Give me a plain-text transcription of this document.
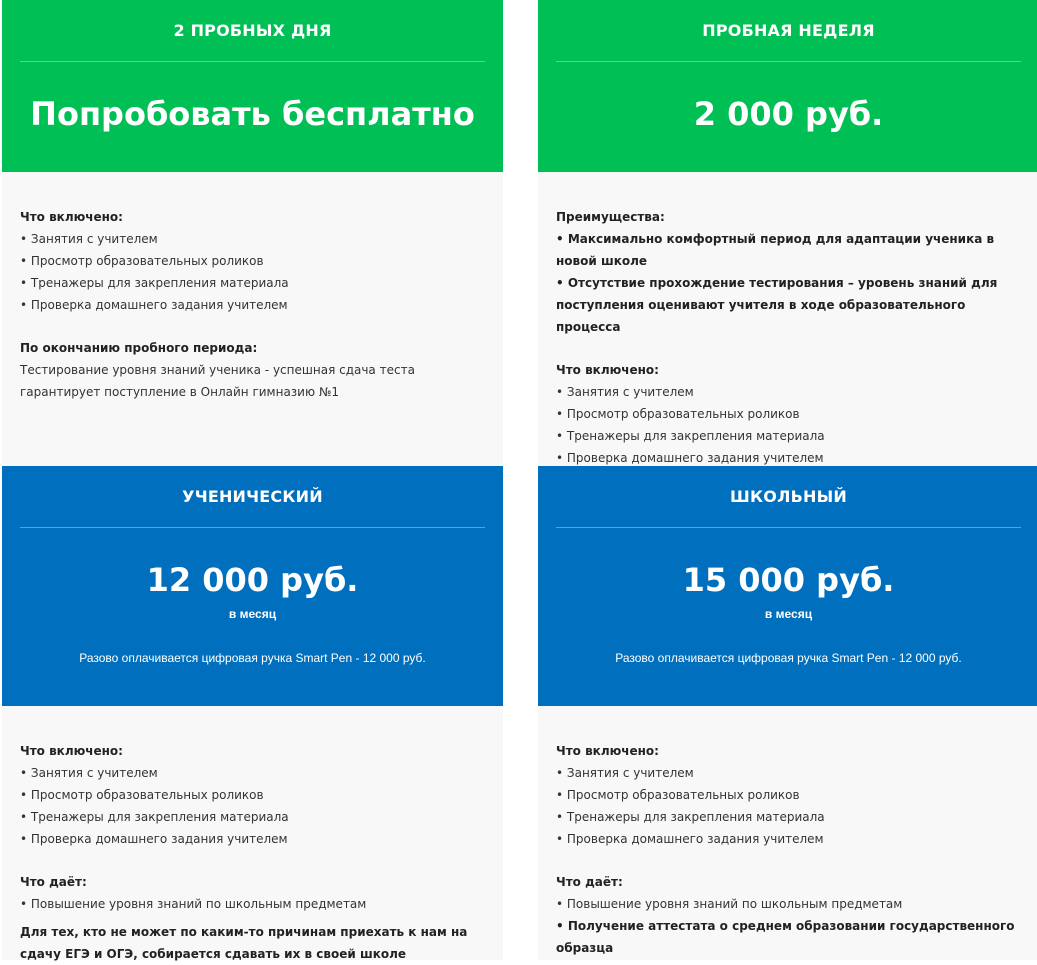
2 ПРОБНЫХ ДНЯ
Попробовать бесплатно
Что включено:
• Занятия с учителем
• Просмотр образовательных роликов
• Тренажеры для закрепления материала
• Проверка домашнего задания учителем
По окончанию пробного периода:
Тестирование уровня знаний ученика - успешная сдача теста
гарантирует поступление в Онлайн гимназию №1
ПРОБНАЯ НЕДЕЛЯ
2 000 руб.
Преимущества:
• Максимально комфортный период для адаптации ученика в
новой школе
• Отсутствие прохождение тестирования – уровень знаний для
поступления оценивают учителя в ходе образовательного
процесса
Что включено:
• Занятия с учителем
• Просмотр образовательных роликов
• Тренажеры для закрепления материала
• Проверка домашнего задания учителем
УЧЕНИЧЕСКИЙ
12 000 руб.
в месяц
Разово оплачивается цифровая ручка Smart Pen - 12 000 руб.
Что включено:
• Занятия с учителем
• Просмотр образовательных роликов
• Тренажеры для закрепления материала
• Проверка домашнего задания учителем
Что даёт:
• Повышение уровня знаний по школьным предметам
Для тех, кто не может по каким-то причинам приехать к нам на
сдачу ЕГЭ и ОГЭ, собирается сдавать их в своей школе
ШКОЛЬНЫЙ
15 000 руб.
в месяц
Разово оплачивается цифровая ручка Smart Pen - 12 000 руб.
Что включено:
• Занятия с учителем
• Просмотр образовательных роликов
• Тренажеры для закрепления материала
• Проверка домашнего задания учителем
Что даёт:
• Повышение уровня знаний по школьным предметам
• Получение аттестата о среднем образовании государственного
образца
